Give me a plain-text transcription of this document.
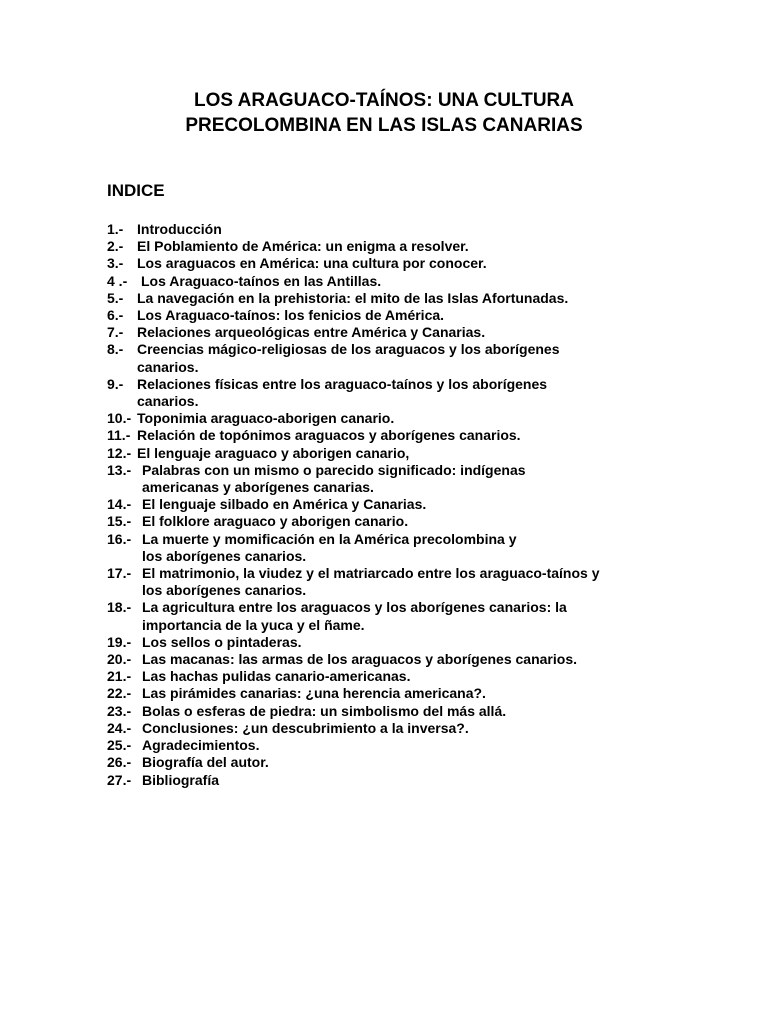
LOS ARAGUACO-TAÍNOS: UNA CULTURA
PRECOLOMBINA EN LAS ISLAS CANARIAS
INDICE
1.- Introducción
2.- El Poblamiento de América: un enigma a resolver.
3.- Los araguacos en América: una cultura por conocer.
4 .- Los Araguaco-taínos en las Antillas.
5.- La navegación en la prehistoria: el mito de las Islas Afortunadas.
6.- Los Araguaco-taínos: los fenicios de América.
7.- Relaciones arqueológicas entre América y Canarias.
8.- Creencias mágico-religiosas de los araguacos y los aborígenes
canarios.
9.- Relaciones físicas entre los araguaco-taínos y los aborígenes
canarios.
10.- Toponimia araguaco-aborigen canario.
11.- Relación de topónimos araguacos y aborígenes canarios.
12.- El lenguaje araguaco y aborigen canario,
13.- Palabras con un mismo o parecido significado: indígenas
americanas y aborígenes canarias.
14.- El lenguaje silbado en América y Canarias.
15.- El folklore araguaco y aborigen canario.
16.- La muerte y momificación en la América precolombina y
los aborígenes canarios.
17.- El matrimonio, la viudez y el matriarcado entre los araguaco-taínos y
los aborígenes canarios.
18.- La agricultura entre los araguacos y los aborígenes canarios: la
importancia de la yuca y el ñame.
19.- Los sellos o pintaderas.
20.- Las macanas: las armas de los araguacos y aborígenes canarios.
21.- Las hachas pulidas canario-americanas.
22.- Las pirámides canarias: ¿una herencia americana?.
23.- Bolas o esferas de piedra: un simbolismo del más allá.
24.- Conclusiones: ¿un descubrimiento a la inversa?.
25.- Agradecimientos.
26.- Biografía del autor.
27.- Bibliografía
